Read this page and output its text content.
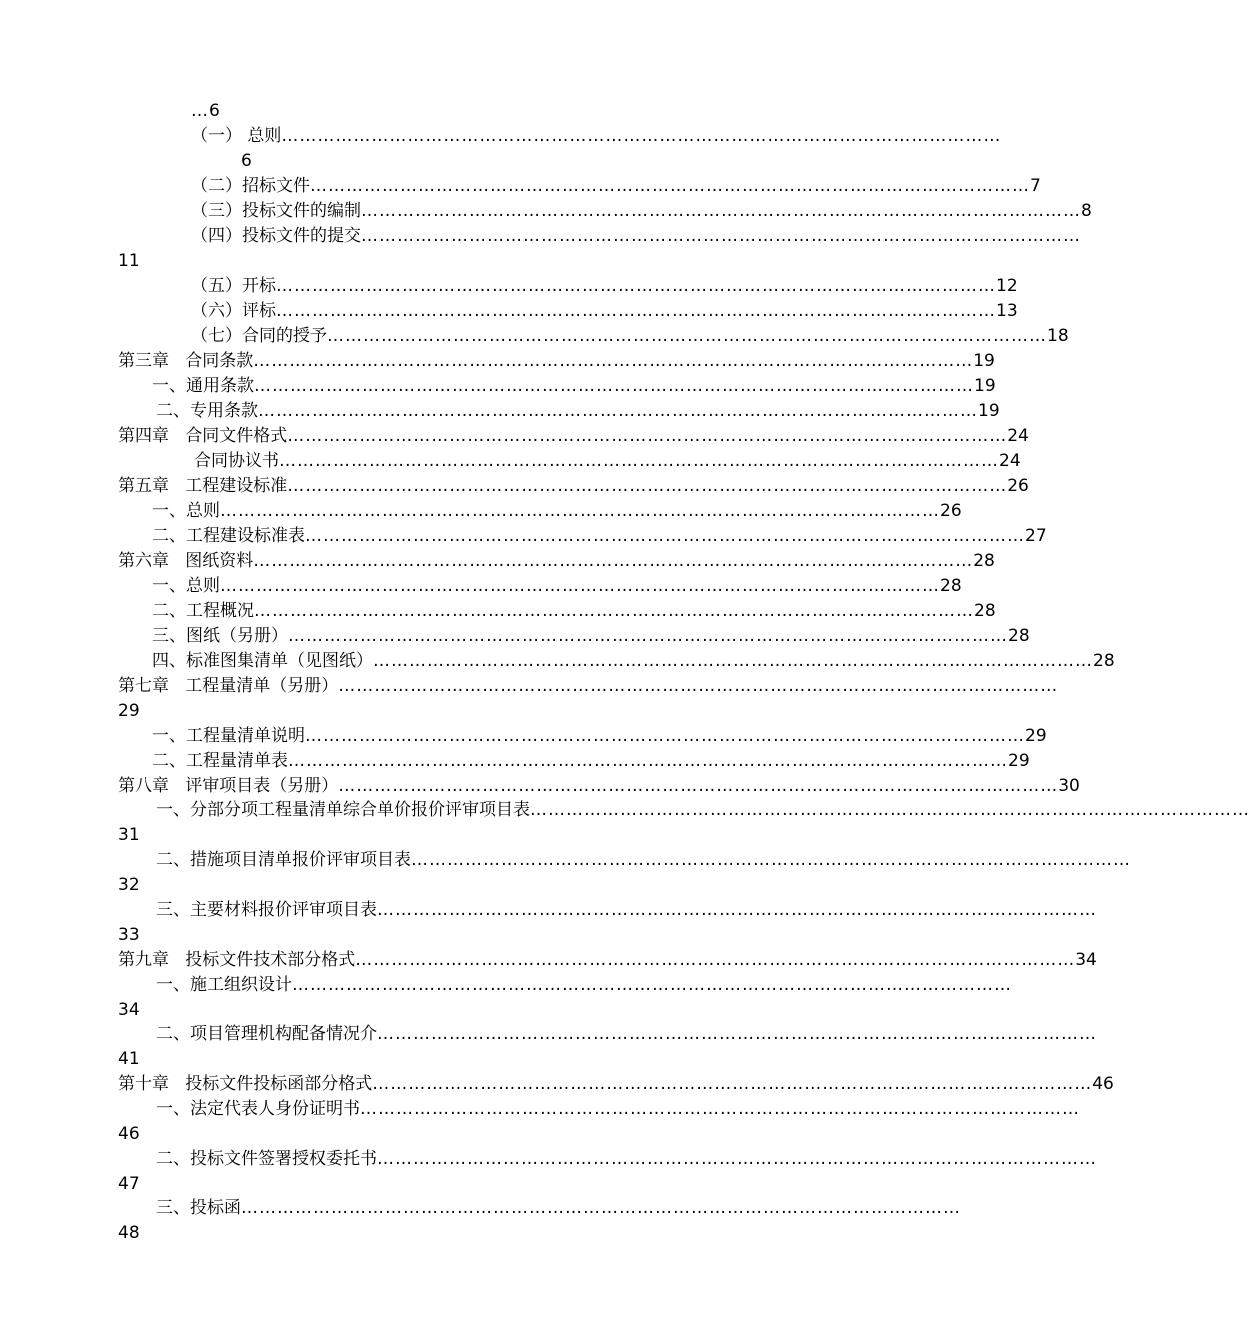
… 6
（一） 总则 …………………………………………………………………………………………………………
6
（二）招标文件 ………………………………………………………………………………………………………… 7
（三）投标文件的编制 ………………………………………………………………………………………………………… 8
（四）投标文件的提交 …………………………………………………………………………………………………………
11
（五）开标 ………………………………………………………………………………………………………… 12
（六）评标 ………………………………………………………………………………………………………… 13
（七）合同的授予 ………………………………………………………………………………………………………… 18
第三章   合同条款 ………………………………………………………………………………………………………… 19
一、通用条款 ………………………………………………………………………………………………………… 19
二、专用条款 ………………………………………………………………………………………………………… 19
第四章   合同文件格式 ………………………………………………………………………………………………………… 24
合同协议书 ………………………………………………………………………………………………………… 24
第五章   工程建设标准 ………………………………………………………………………………………………………… 26
一、总则 ………………………………………………………………………………………………………… 26
二、工程建设标准表 ………………………………………………………………………………………………………… 27
第六章   图纸资料 ………………………………………………………………………………………………………… 28
一、总则 ………………………………………………………………………………………………………… 28
二、工程概况 ………………………………………………………………………………………………………… 28
三、图纸（另册） ………………………………………………………………………………………………………… 28
四、标准图集清单（见图纸） ………………………………………………………………………………………………………… 28
第七章   工程量清单（另册） …………………………………………………………………………………………………………
29
一、工程量清单说明 ………………………………………………………………………………………………………… 29
二、工程量清单表 ………………………………………………………………………………………………………… 29
第八章   评审项目表（另册） ………………………………………………………………………………………………………… 30
一、分部分项工程量清单综合单价报价评审项目表 …………………………………………………………………………………………………………
31
二、措施项目清单报价评审项目表 …………………………………………………………………………………………………………
32
三、主要材料报价评审项目表 …………………………………………………………………………………………………………
33
第九章   投标文件技术部分格式 ………………………………………………………………………………………………………… 34
一、施工组织设计 …………………………………………………………………………………………………………
34
二、项目管理机构配备情况介 …………………………………………………………………………………………………………
41
第十章   投标文件投标函部分格式 ………………………………………………………………………………………………………… 46
一、法定代表人身份证明书 …………………………………………………………………………………………………………
46
二、投标文件签署授权委托书 …………………………………………………………………………………………………………
47
三、投标函 …………………………………………………………………………………………………………
48
